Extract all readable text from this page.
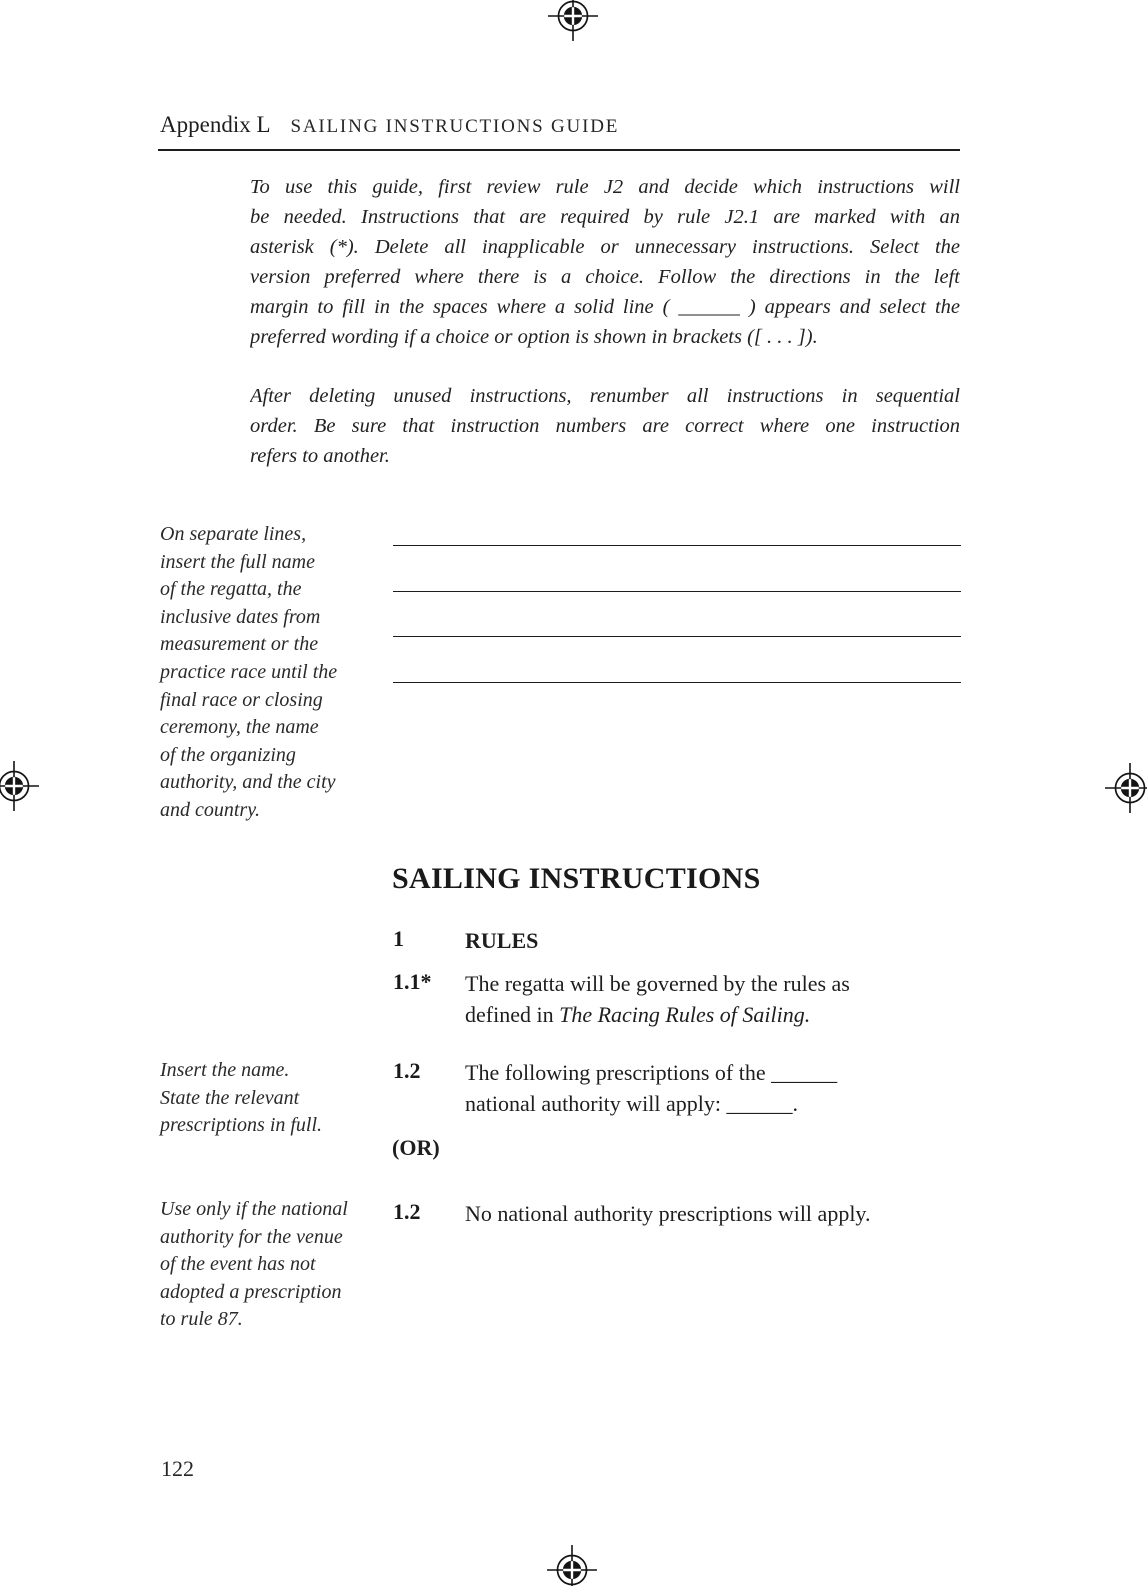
Appendix L SAILING INSTRUCTIONS GUIDE
To use this guide, first review rule J2 and decide which instructions will
be needed. Instructions that are required by rule J2.1 are marked with an
asterisk (*). Delete all inapplicable or unnecessary instructions. Select the
version preferred where there is a choice. Follow the directions in the left
margin to fill in the spaces where a solid line ( ______ ) appears and select the
preferred wording if a choice or option is shown in brackets ([ . . . ]).
After deleting unused instructions, renumber all instructions in sequential
order. Be sure that instruction numbers are correct where one instruction
refers to another.
On separate lines,
insert the full name
of the regatta, the
inclusive dates from
measurement or the
practice race until the
final race or closing
ceremony, the name
of the organizing
authority, and the city
and country.
SAILING INSTRUCTIONS
1	RULES
1.1* The regatta will be governed by the rules as
defined in The Racing Rules of Sailing.
Insert the name.
State the relevant
prescriptions in full.
1.2 The following prescriptions of the ______
national authority will apply: ______.
(OR)
Use only if the national
authority for the venue
of the event has not
adopted a prescription
to rule 87.
1.2 No national authority prescriptions will apply.
122
